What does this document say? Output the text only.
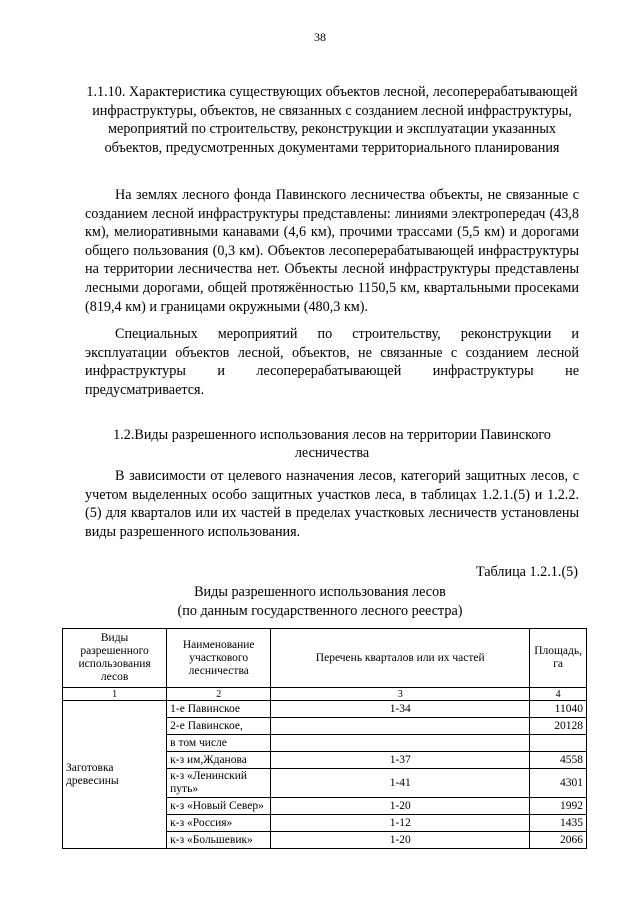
38
1.1.10. Характеристика существующих объектов лесной, лесоперерабатывающей инфраструктуры, объектов, не связанных с созданием лесной инфраструктуры, мероприятий по строительству, реконструкции и эксплуатации указанных объектов, предусмотренных документами территориального планирования

На землях лесного фонда Павинского лесничества объекты, не связанные с созданием лесной инфраструктуры представлены: линиями электропередач (43,8 км), мелиоративными канавами (4,6 км), прочими трассами (5,5 км) и дорогами общего пользования (0,3 км). Объектов лесоперерабатывающей инфраструктуры на территории лесничества нет. Объекты лесной инфраструктуры представлены лесными дорогами, общей протяжённостью 1150,5 км, квартальными просеками (819,4 км) и границами окружными (480,3 км).

Специальных мероприятий по строительству, реконструкции и эксплуатации объектов лесной, объектов, не связанные с созданием лесной инфраструктуры и лесоперерабатывающей инфраструктуры не предусматривается.

1.2.Виды разрешенного использования лесов на территории Павинского лесничества

В зависимости от целевого назначения лесов, категорий защитных лесов, с учетом выделенных особо защитных участков леса, в таблицах 1.2.1.(5) и 1.2.2.(5) для кварталов или их частей в пределах участковых лесничеств установлены виды разрешенного использования.

Таблица 1.2.1.(5)
Виды разрешенного использования лесов
(по данным государственного лесного реестра)
Виды разрешенного использования лесов	Наименование участкового лесничества	Перечень кварталов или их частей	Площадь, га
1	2	3	4
Заготовка древесины	1-е Павинское	1-34	11040
	2-е Павинское,		20128
	в том числе		
	к-з им,Жданова	1-37	4558
	к-з «Ленинский путь»	1-41	4301
	к-з «Новый Север»	1-20	1992
	к-з «Россия»	1-12	1435
	к-з «Большевик»	1-20	2066
